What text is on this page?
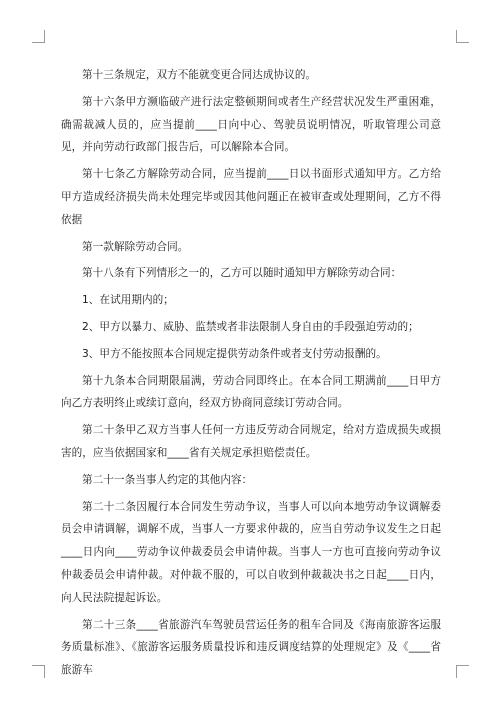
第十三条规定，双方不能就变更合同达成协议的。

第十六条甲方濒临破产进行法定整顿期间或者生产经营状况发生严重困难，确需裁减人员的，应当提前____日向中心、驾驶员说明情况，听取管理公司意见，并向劳动行政部门报告后，可以解除本合同。

第十七条乙方解除劳动合同，应当提前____日以书面形式通知甲方。乙方给甲方造成经济损失尚未处理完毕或因其他问题正在被审查或处理期间，乙方不得依据

第一款解除劳动合同。

第十八条有下列情形之一的，乙方可以随时通知甲方解除劳动合同：

1、在试用期内的；

2、甲方以暴力、威胁、监禁或者非法限制人身自由的手段强迫劳动的；

3、甲方不能按照本合同规定提供劳动条件或者支付劳动报酬的。

第十九条本合同期限届满，劳动合同即终止。在本合同工期满前____日甲方向乙方表明终止或续订意向，经双方协商同意续订劳动合同。

第二十条甲乙双方当事人任何一方违反劳动合同规定，给对方造成损失或损害的，应当依据国家和____省有关规定承担赔偿责任。

第二十一条当事人约定的其他内容：

第二十二条因履行本合同发生劳动争议，当事人可以向本地劳动争议调解委员会申请调解，调解不成，当事人一方要求仲裁的，应当自劳动争议发生之日起____日内向____劳动争议仲裁委员会申请仲裁。当事人一方也可直接向劳动争议仲裁委员会申请仲裁。对仲裁不服的，可以自收到仲裁裁决书之日起____日内，向人民法院提起诉讼。

第二十三条____省旅游汽车驾驶员营运任务的租车合同及《海南旅游客运服务质量标准》、《旅游客运服务质量投诉和违反调度结算的处理规定》及《____省旅游车
